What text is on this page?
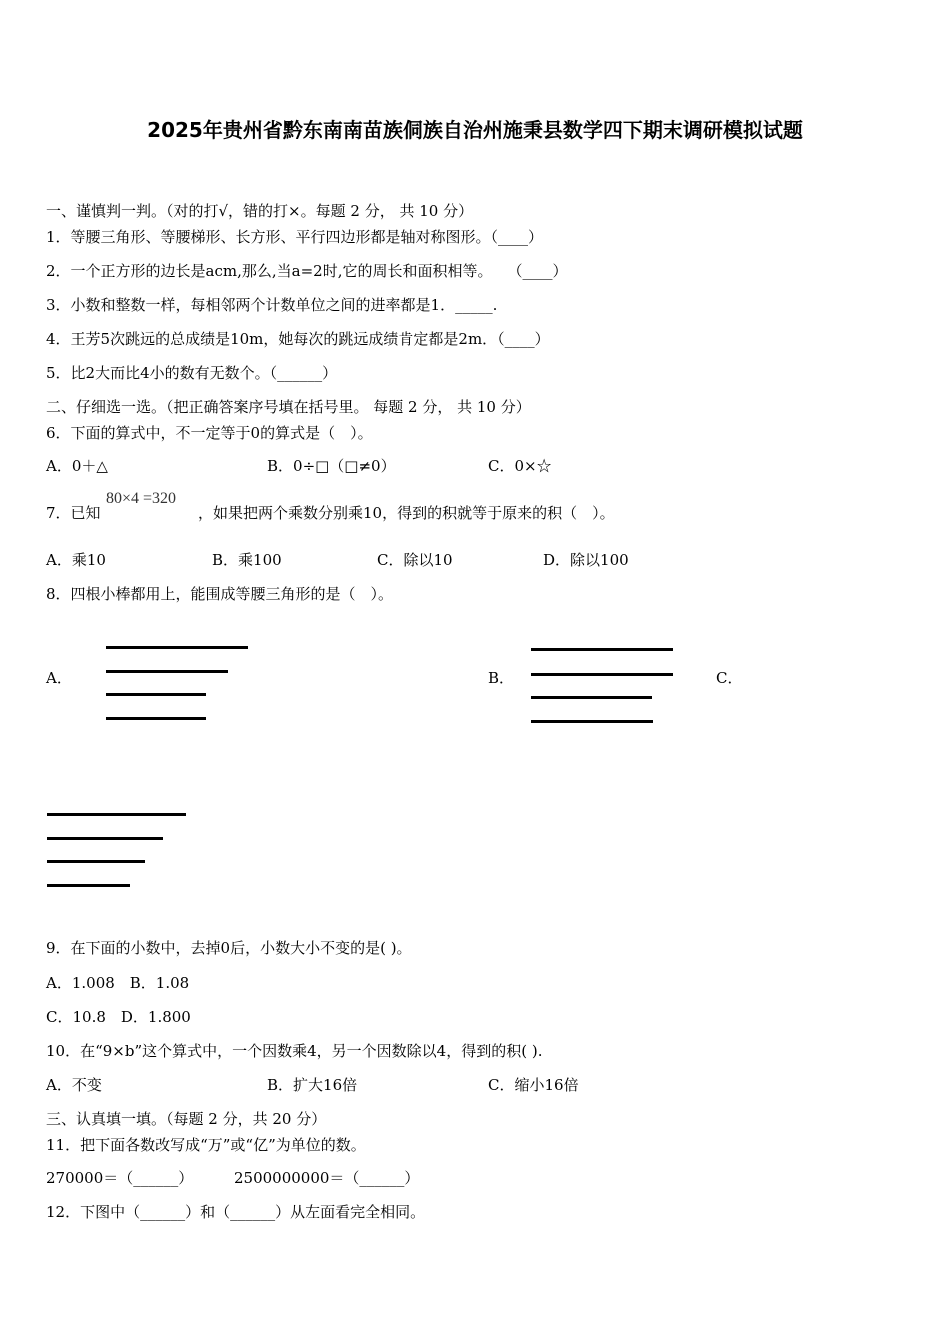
2025年贵州省黔东南南苗族侗族自治州施秉县数学四下期末调研模拟试题
一、谨慎判一判。（对的打√，错的打×。每题 2 分， 共 10 分）
1．等腰三角形、等腰梯形、长方形、平行四边形都是轴对称图形。（____）
2．一个正方形的边长是acm,那么,当a=2时,它的周长和面积相等。　　（____）
3．小数和整数一样，每相邻两个计数单位之间的进率都是1．_____.
4．王芳5次跳远的总成绩是10m，她每次的跳远成绩肯定都是2m．（____）
5．比2大而比4小的数有无数个。（______）
二、仔细选一选。（把正确答案序号填在括号里。 每题 2 分， 共 10 分）
6．下面的算式中，不一定等于0的算式是（　）。
A．0＋△	B．0÷□（□≠0）	C．0×☆
7．已知
80×4 =320
，如果把两个乘数分别乘10，得到的积就等于原来的积（　）。
A．乘10	B．乘100	C．除以10	D．除以100
8．四根小棒都用上，能围成等腰三角形的是（　）。
A．	B．	C．
9．在下面的小数中，去掉0后，小数大小不变的是( )。
A．1.008　B．1.08
C．10.8　D．1.800
10．在“9×b”这个算式中，一个因数乘4，另一个因数除以4，得到的积( ).
A．不变	B．扩大16倍	C．缩小16倍
三、认真填一填。（每题 2 分，共 20 分）
11．把下面各数改写成“万”或“亿”为单位的数。
270000＝（______）	2500000000＝（______）
12．下图中（______）和（______）从左面看完全相同。
